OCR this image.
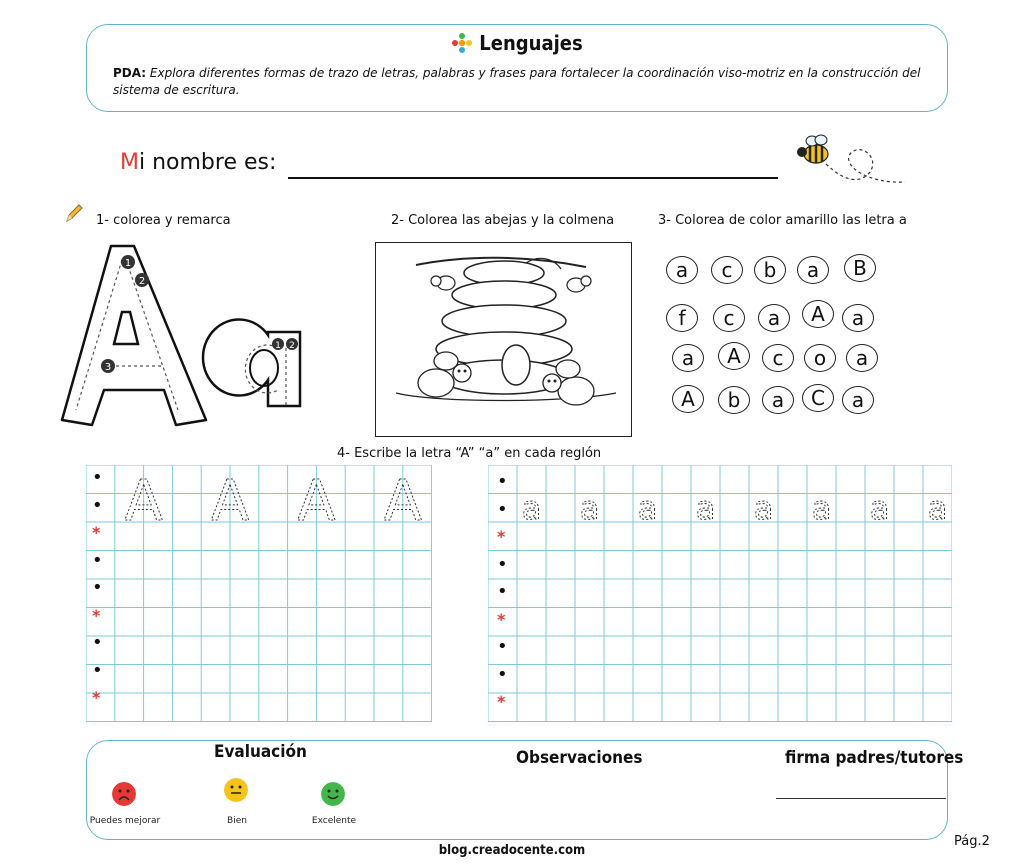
Lenguajes
PDA: Explora diferentes formas de trazo de letras, palabras y frases para fortalecer la coordinación viso-motriz en la construcción del sistema de escritura.
Mi nombre es:
1- colorea y remarca	2- Colorea las abejas y la colmena	3- Colorea de color amarillo las letra a
1
2
3
1 2
a	c	b	a	B
f	c	a	A	a
a	A	c	o	a
A	b	a	C	a
4- Escribe la letra “A” “a” en cada reglón
A A A A	a a a a a a a a
•
•
*
•
•
*
•
•
*
•
•
*
•
•
*
•
•
*
Evaluación	Observaciones	firma padres/tutores
Puedes mejorar	Bien	Excelente
blog.creadocente.com
Pág.2
